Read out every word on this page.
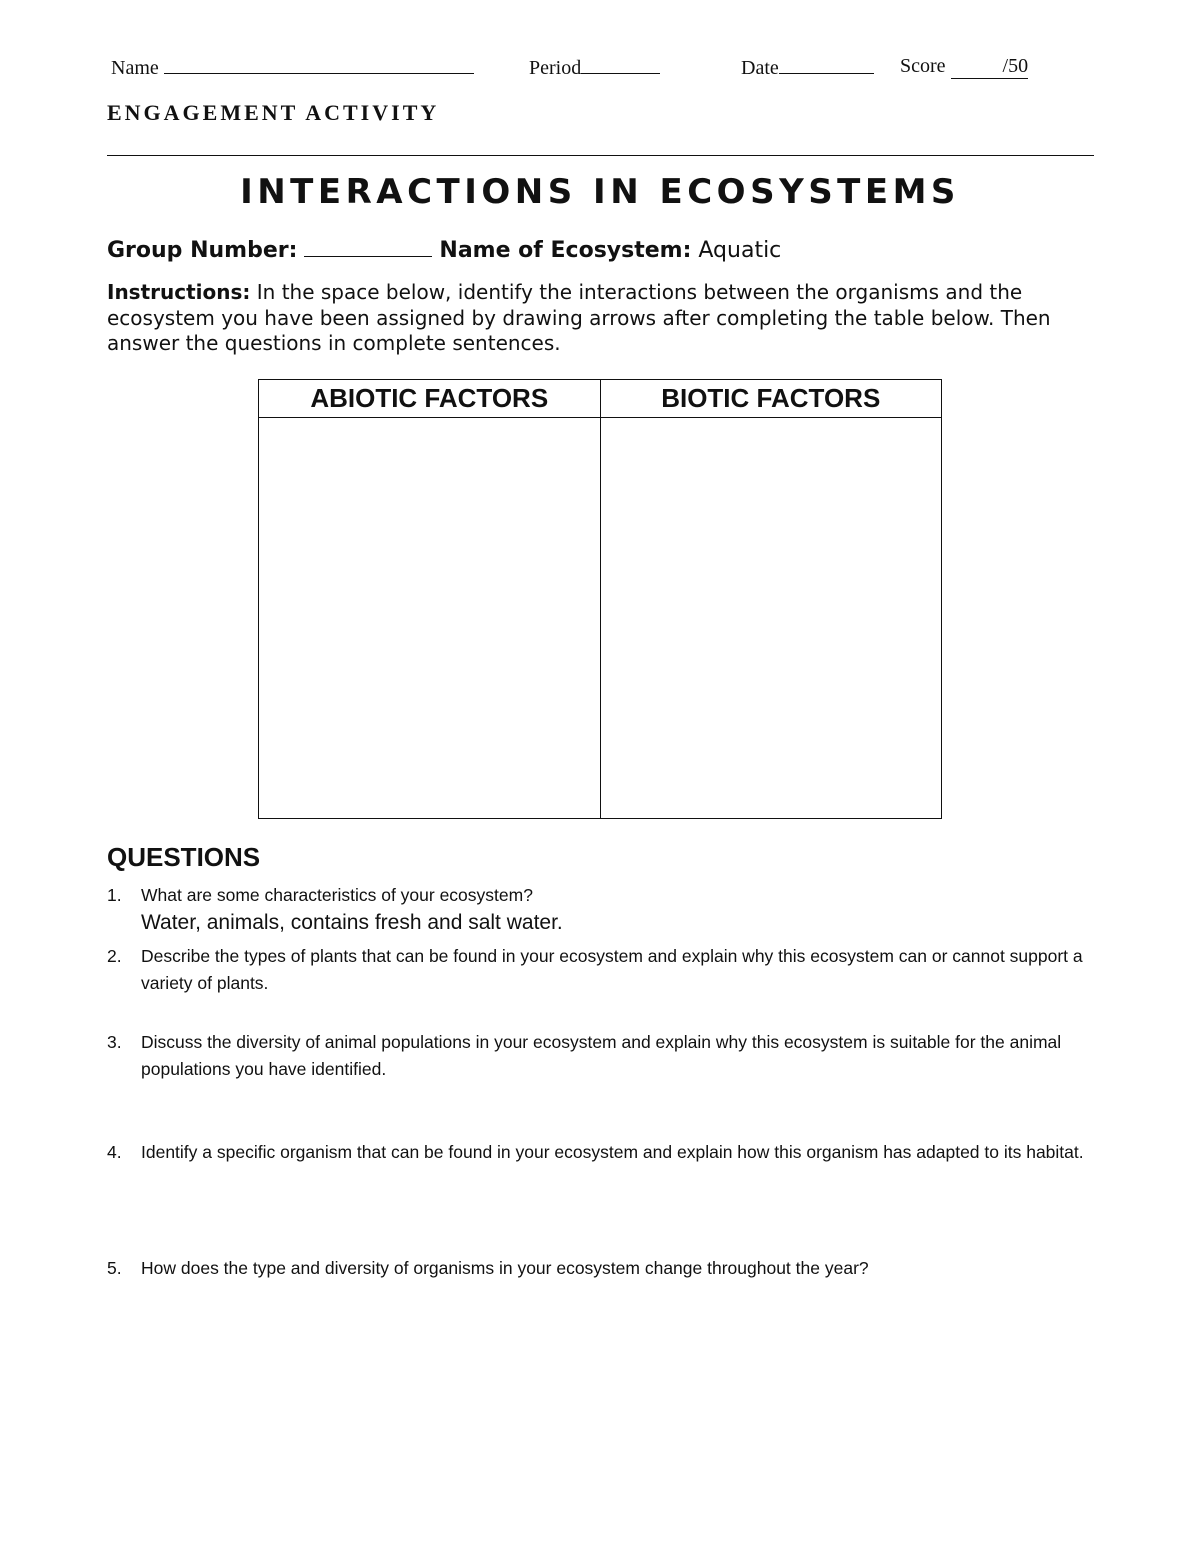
Name	Period	Date	Score	/50
ENGAGEMENT ACTIVITY
INTERACTIONS IN ECOSYSTEMS
Group Number:	Name of Ecosystem: Aquatic
Instructions: In the space below, identify the interactions between the organisms and the ecosystem you have been assigned by drawing arrows after completing the table below. Then answer the questions in complete sentences.
ABIOTIC FACTORS	BIOTIC FACTORS

QUESTIONS
1. What are some characteristics of your ecosystem?
Water, animals, contains fresh and salt water.
2. Describe the types of plants that can be found in your ecosystem and explain why this ecosystem can or cannot support a variety of plants.
3. Discuss the diversity of animal populations in your ecosystem and explain why this ecosystem is suitable for the animal populations you have identified.
4. Identify a specific organism that can be found in your ecosystem and explain how this organism has adapted to its habitat.
5. How does the type and diversity of organisms in your ecosystem change throughout the year?
